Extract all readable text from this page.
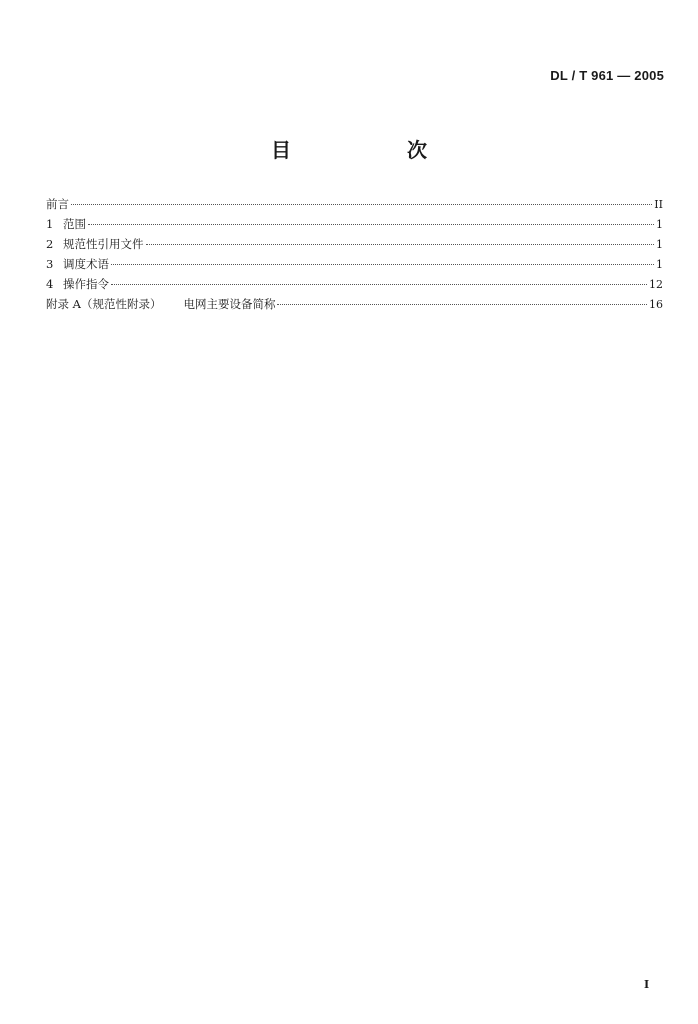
DL / T 961 — 2005
目　次
前言	II
1 范围	1
2 规范性引用文件	1
3 调度术语	1
4 操作指令	12
附录 A（规范性附录） 电网主要设备简称	16
I
